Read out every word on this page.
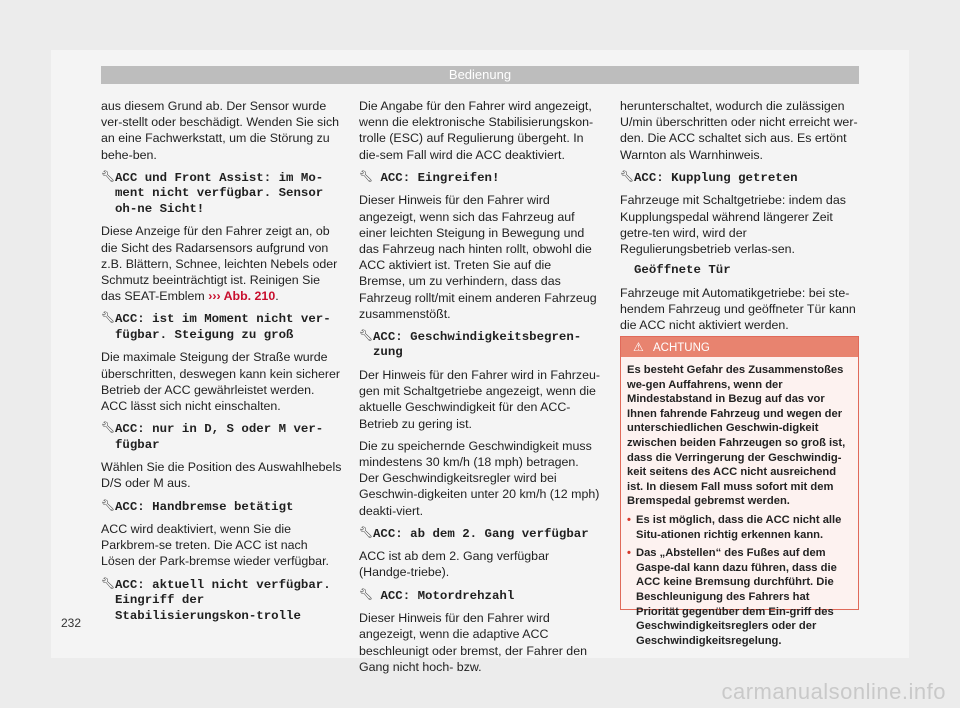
Bedienung

aus diesem Grund ab. Der Sensor wurde ver-stellt oder beschädigt. Wenden Sie sich an eine Fachwerkstatt, um die Störung zu behe-ben.

🔧︎ACC und Front Assist: im Mo-ment nicht verfügbar. Sensor oh-ne Sicht!

Diese Anzeige für den Fahrer zeigt an, ob die Sicht des Radarsensors aufgrund von z.B. Blättern, Schnee, leichten Nebels oder Schmutz beeinträchtigt ist. Reinigen Sie das SEAT-Emblem ››› Abb. 210.

🔧︎ACC: ist im Moment nicht ver-fügbar. Steigung zu groß

Die maximale Steigung der Straße wurde überschritten, deswegen kann kein sicherer Betrieb der ACC gewährleistet werden. ACC lässt sich nicht einschalten.

🔧︎ACC: nur in D, S oder M ver-fügbar

Wählen Sie die Position des Auswahlhebels D/S oder M aus.

🔧︎ACC: Handbremse betätigt

ACC wird deaktiviert, wenn Sie die Parkbrem-se treten. Die ACC ist nach Lösen der Park-bremse wieder verfügbar.

🔧︎ACC: aktuell nicht verfügbar. Eingriff der Stabilisierungskon-trolle

Die Angabe für den Fahrer wird angezeigt, wenn die elektronische Stabilisierungskon-trolle (ESC) auf Regulierung übergeht. In die-sem Fall wird die ACC deaktiviert.

🔧︎ ACC: Eingreifen!

Dieser Hinweis für den Fahrer wird angezeigt, wenn sich das Fahrzeug auf einer leichten Steigung in Bewegung und das Fahrzeug nach hinten rollt, obwohl die ACC aktiviert ist. Treten Sie auf die Bremse, um zu verhindern, dass das Fahrzeug rollt/mit einem anderen Fahrzeug zusammenstößt.

🔧︎ACC: Geschwindigkeitsbegren-zung

Der Hinweis für den Fahrer wird in Fahrzeu-gen mit Schaltgetriebe angezeigt, wenn die aktuelle Geschwindigkeit für den ACC-Betrieb zu gering ist.

Die zu speichernde Geschwindigkeit muss mindestens 30 km/h (18 mph) betragen. Der Geschwindigkeitsregler wird bei Geschwin-digkeiten unter 20 km/h (12 mph) deakti-viert.

🔧︎ACC: ab dem 2. Gang verfügbar

ACC ist ab dem 2. Gang verfügbar (Handge-triebe).

🔧︎ ACC: Motordrehzahl

Dieser Hinweis für den Fahrer wird angezeigt, wenn die adaptive ACC beschleunigt oder bremst, der Fahrer den Gang nicht hoch- bzw.

herunterschaltet, wodurch die zulässigen U/min überschritten oder nicht erreicht wer-den. Die ACC schaltet sich aus. Es ertönt Warnton als Warnhinweis.

🔧︎ACC: Kupplung getreten

Fahrzeuge mit Schaltgetriebe: indem das Kupplungspedal während längerer Zeit getre-ten wird, wird der Regulierungsbetrieb verlas-sen.

Geöffnete Tür

Fahrzeuge mit Automatikgetriebe: bei ste-hendem Fahrzeug und geöffneter Tür kann die ACC nicht aktiviert werden.

⚠ ACHTUNG

Es besteht Gefahr des Zusammenstoßes we-gen Auffahrens, wenn der Mindestabstand in Bezug auf das vor Ihnen fahrende Fahrzeug und wegen der unterschiedlichen Geschwin-digkeit zwischen beiden Fahrzeugen so groß ist, dass die Verringerung der Geschwindig-keit seitens des ACC nicht ausreichend ist. In diesem Fall muss sofort mit dem Bremspedal gebremst werden.

• Es ist möglich, dass die ACC nicht alle Situ-ationen richtig erkennen kann.

• Das „Abstellen“ des Fußes auf dem Gaspe-dal kann dazu führen, dass die ACC keine Bremsung durchführt. Die Beschleunigung des Fahrers hat Priorität gegenüber dem Ein-griff des Geschwindigkeitsreglers oder der Geschwindigkeitsregelung.

232
carmanualsonline.info
